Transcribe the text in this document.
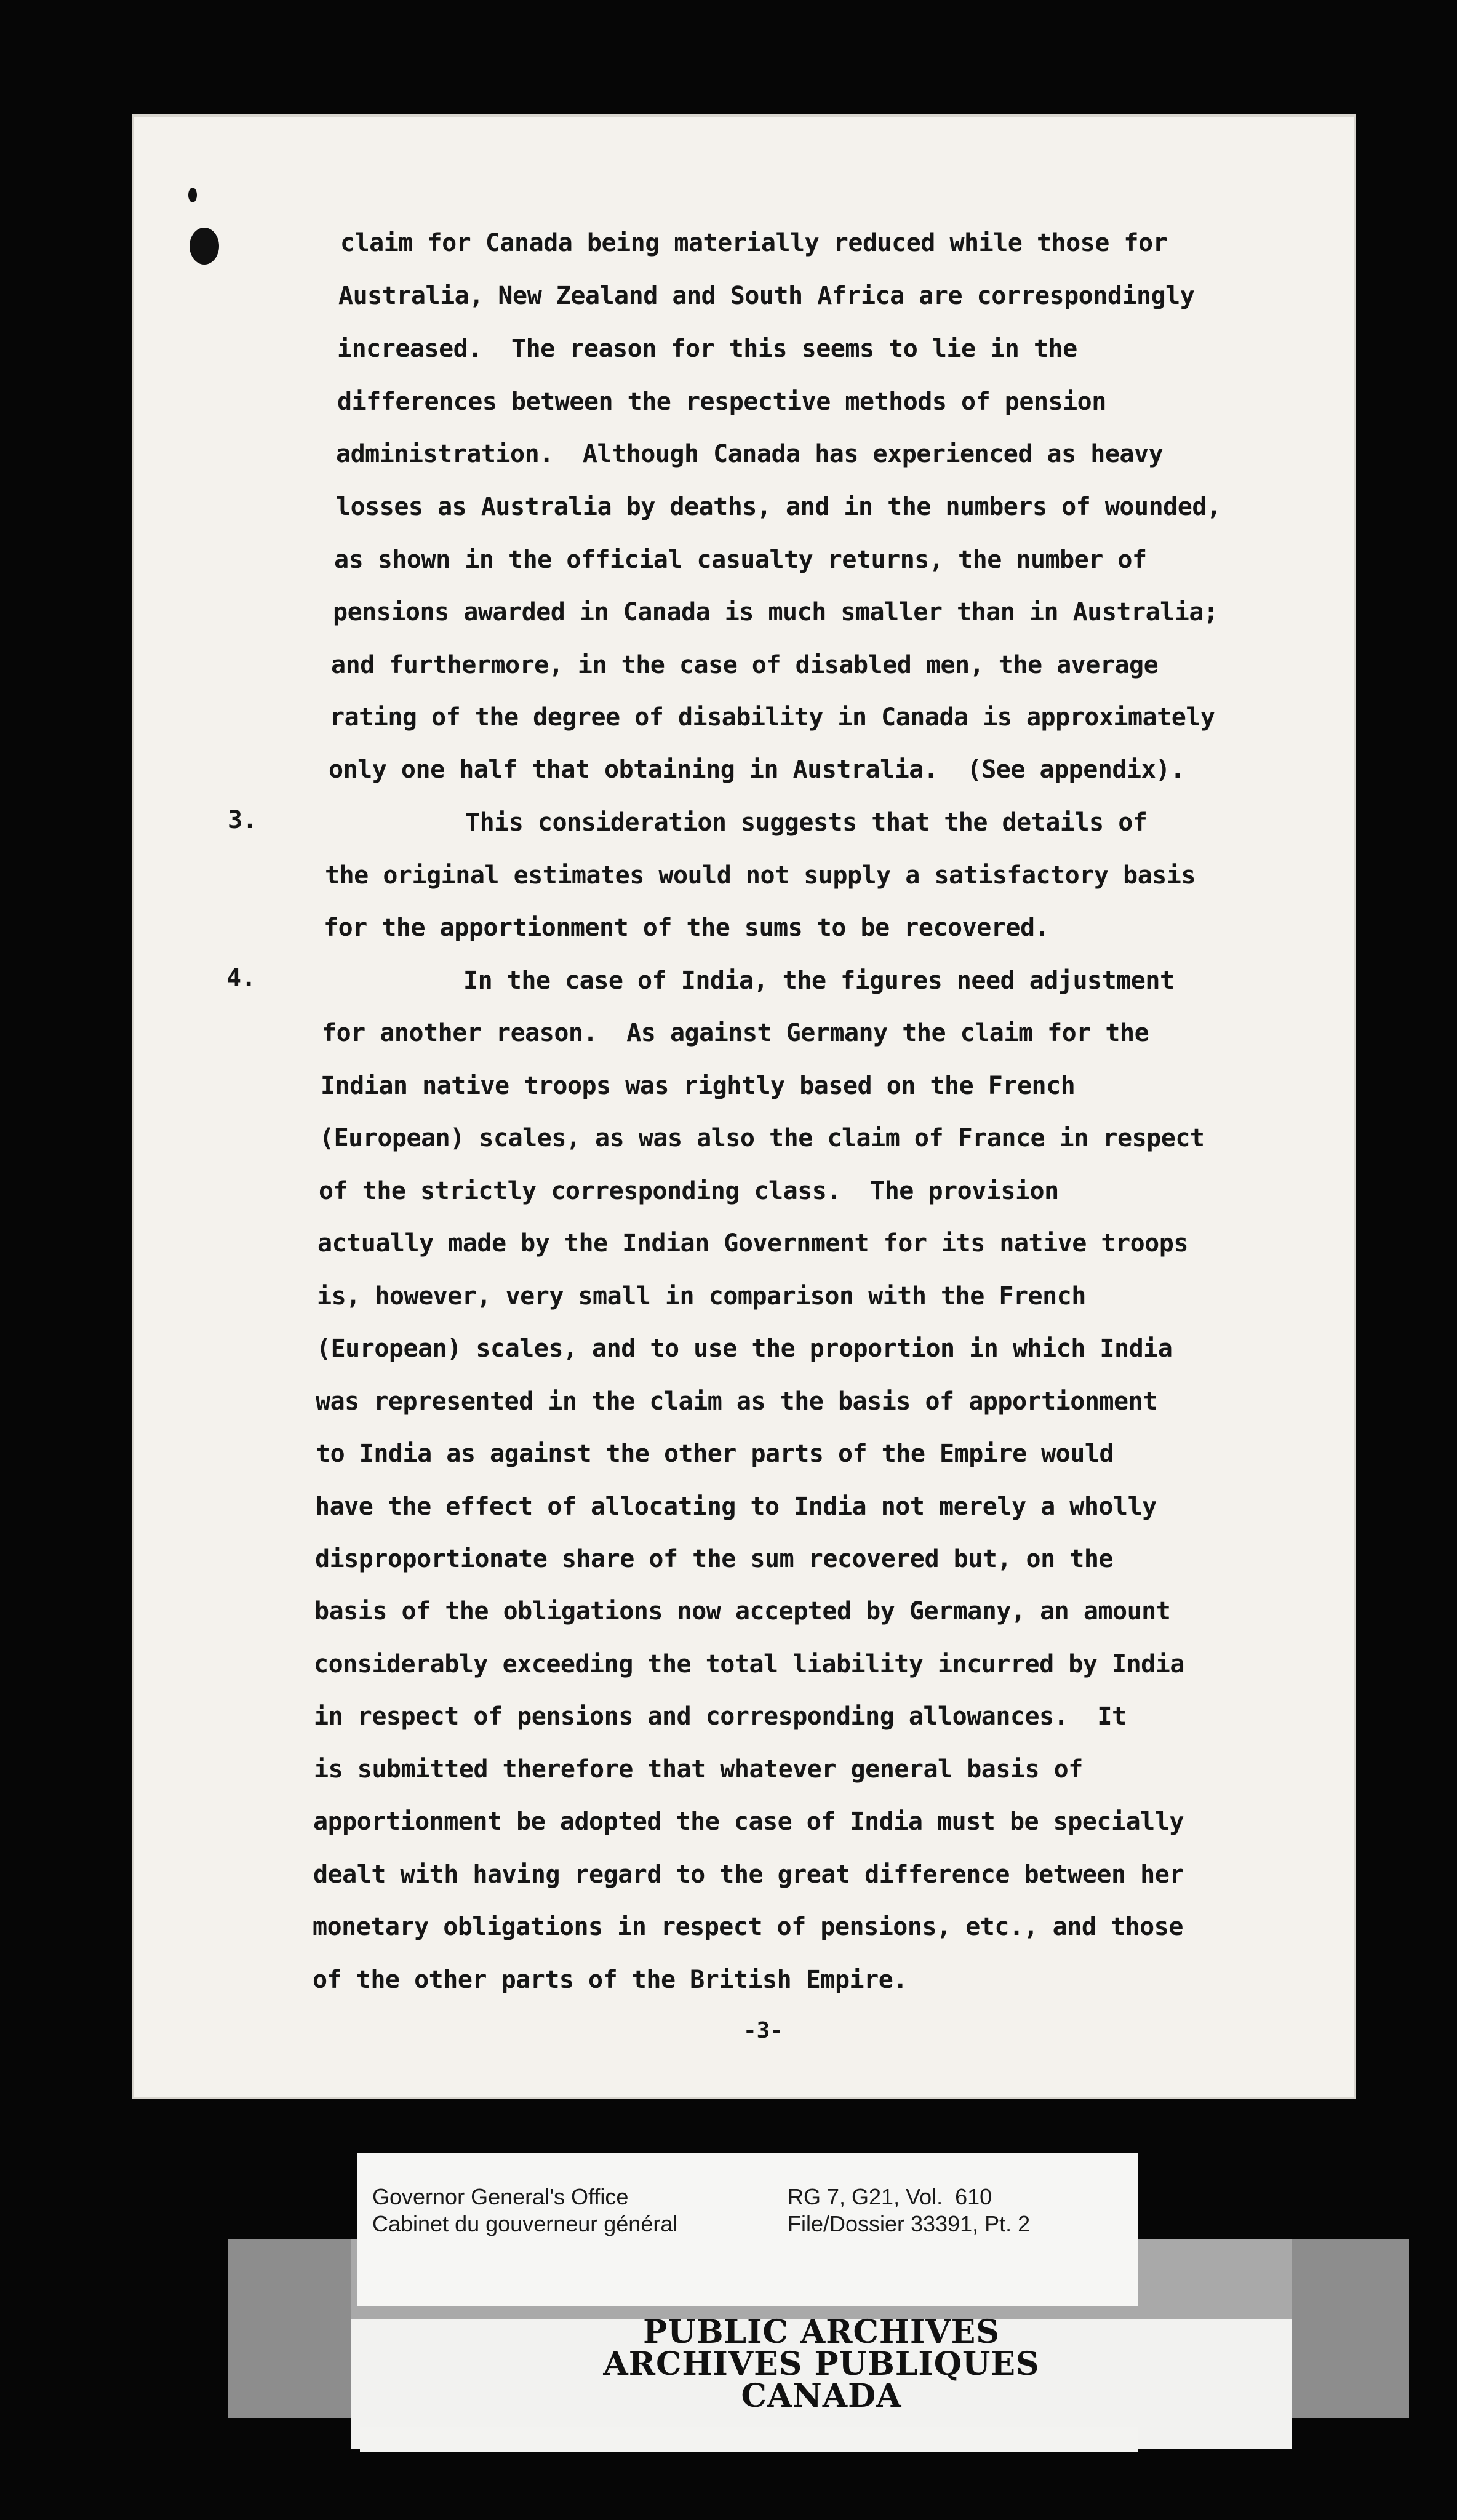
claim for Canada being materially reduced while those for
Australia, New Zealand and South Africa are correspondingly
increased.  The reason for this seems to lie in the
differences between the respective methods of pension
administration.  Although Canada has experienced as heavy
losses as Australia by deaths, and in the numbers of wounded,
as shown in the official casualty returns, the number of
pensions awarded in Canada is much smaller than in Australia;
and furthermore, in the case of disabled men, the average
rating of the degree of disability in Canada is approximately
only one half that obtaining in Australia.  (See appendix).
This consideration suggests that the details of
the original estimates would not supply a satisfactory basis
for the apportionment of the sums to be recovered.
In the case of India, the figures need adjustment
for another reason.  As against Germany the claim for the
Indian native troops was rightly based on the French
(European) scales, as was also the claim of France in respect
of the strictly corresponding class.  The provision
actually made by the Indian Government for its native troops
is, however, very small in comparison with the French
(European) scales, and to use the proportion in which India
was represented in the claim as the basis of apportionment
to India as against the other parts of the Empire would
have the effect of allocating to India not merely a wholly
disproportionate share of the sum recovered but, on the
basis of the obligations now accepted by Germany, an amount
considerably exceeding the total liability incurred by India
in respect of pensions and corresponding allowances.  It
is submitted therefore that whatever general basis of
apportionment be adopted the case of India must be specially
dealt with having regard to the great difference between her
monetary obligations in respect of pensions, etc., and those
of the other parts of the British Empire.
3.
4.
-3-
PUBLIC ARCHIVES
ARCHIVES PUBLIQUES
CANADA
Governor General's Office
Cabinet du gouverneur général
RG 7, G21, Vol.  610
File/Dossier 33391, Pt. 2
